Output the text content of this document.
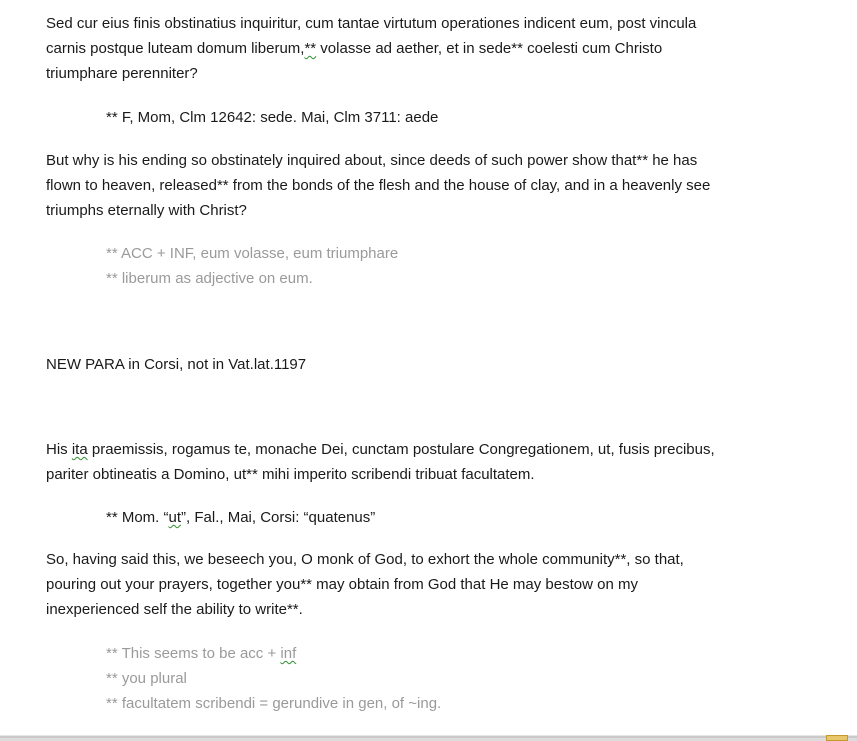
Sed cur eius finis obstinatius inquiritur, cum tantae virtutum operationes indicent eum, post vincula
carnis postque luteam domum liberum,** volasse ad aether, et in sede** coelesti cum Christo
triumphare perenniter?
** F, Mom, Clm 12642: sede. Mai, Clm 3711: aede
But why is his ending so obstinately inquired about, since deeds of such power show that** he has
flown to heaven, released** from the bonds of the flesh and the house of clay, and in a heavenly see
triumphs eternally with Christ?
** ACC + INF, eum volasse, eum triumphare
** liberum as adjective on eum.
NEW PARA in Corsi, not in Vat.lat.1197
His ita praemissis, rogamus te, monache Dei, cunctam postulare Congregationem, ut, fusis precibus,
pariter obtineatis a Domino, ut** mihi imperito scribendi tribuat facultatem.
** Mom. “ut”, Fal., Mai, Corsi: “quatenus”
So, having said this, we beseech you, O monk of God, to exhort the whole community**, so that,
pouring out your prayers, together you** may obtain from God that He may bestow on my
inexperienced self the ability to write**.
** This seems to be acc + inf
** you plural
** facultatem scribendi = gerundive in gen, of ~ing.
